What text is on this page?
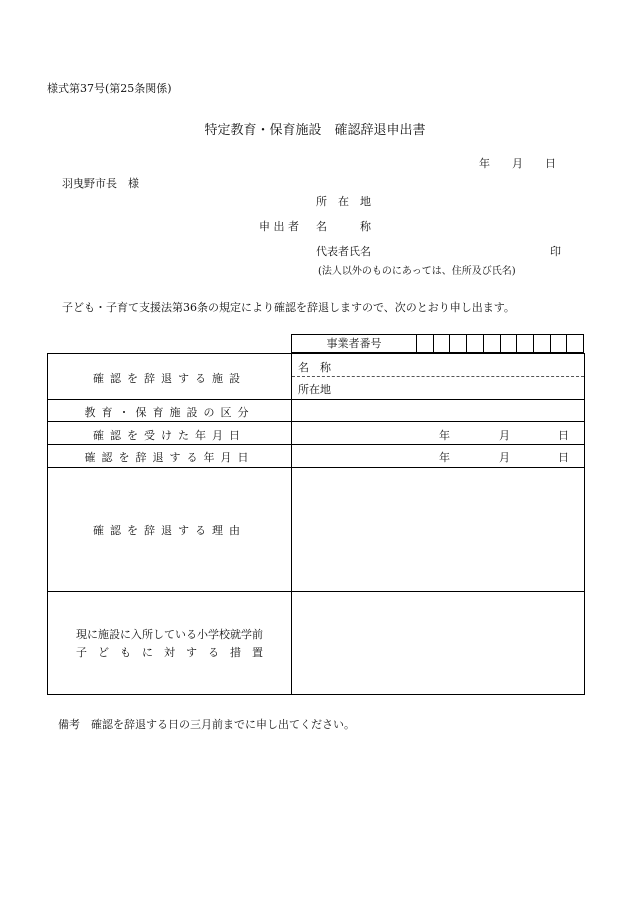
様式第37号(第25条関係)
特定教育・保育施設　確認辞退申出書
年　　月　　日
羽曳野市長　様
所　在　地
申 出 者 名　　　称
代表者氏名	印
(法人以外のものにあっては、住所及び氏名)
子ども・子育て支援法第36条の規定により確認を辞退しますので、次のとおり申し出ます。
事業者番号
確認を辞退する施設
名　称
所在地
教育・保育施設の区分
確認を受けた年月日	年	月	日
確認を辞退する年月日	年	月	日
確認を辞退する理由
現に施設に入所している小学校就学前
子　ど　も　に　対　す　る　措　置
備考　確認を辞退する日の三月前までに申し出てください。
